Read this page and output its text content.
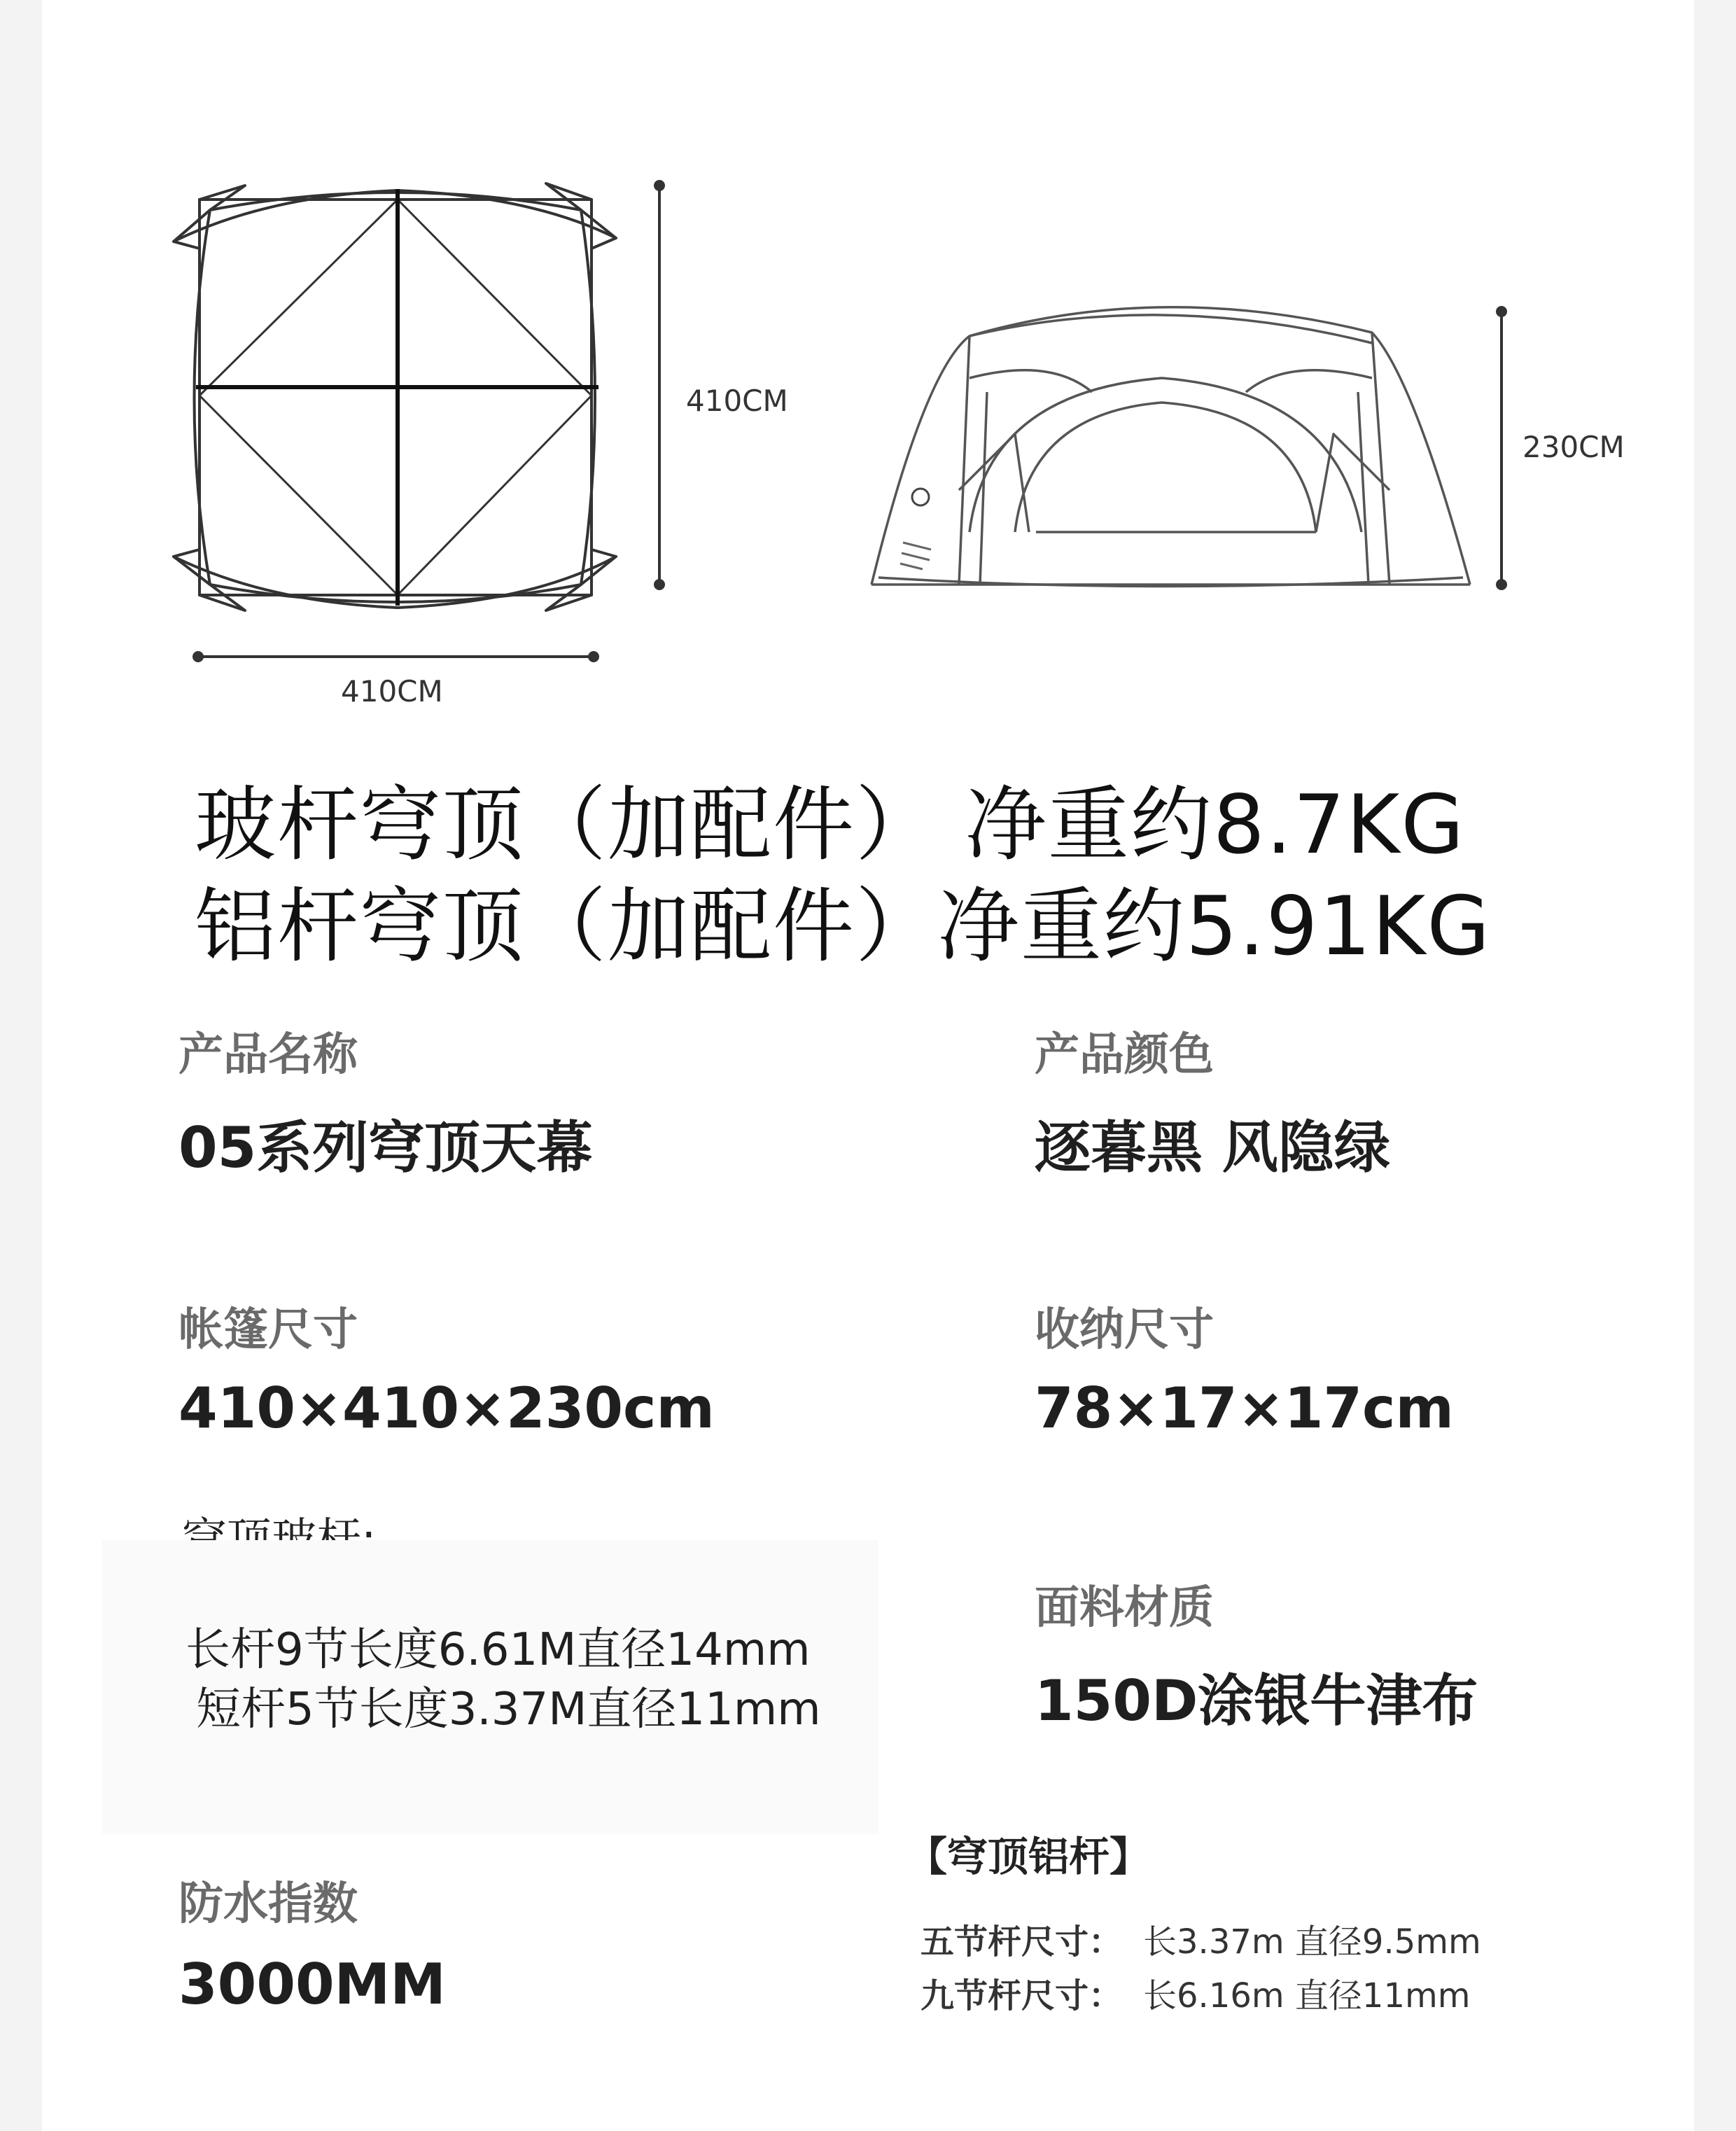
410CM
410CM
230CM
玻杆穹顶（加配件） 净重约8.7KG
铝杆穹顶（加配件）净重约5.91KG
产品名称
05系列穹顶天幕
帐篷尺寸
410×410×230cm
长杆9节长度6.61M直径14mm
短杆5节长度3.37M直径11mm
防水指数
3000MM
产品颜色
逐暮黑 风隐绿
收纳尺寸
78×17×17cm
面料材质
150D涂银牛津布
【穹顶铝杆】
五节杆尺寸： 长3.37m 直径9.5mm
九节杆尺寸： 长6.16m 直径11mm
